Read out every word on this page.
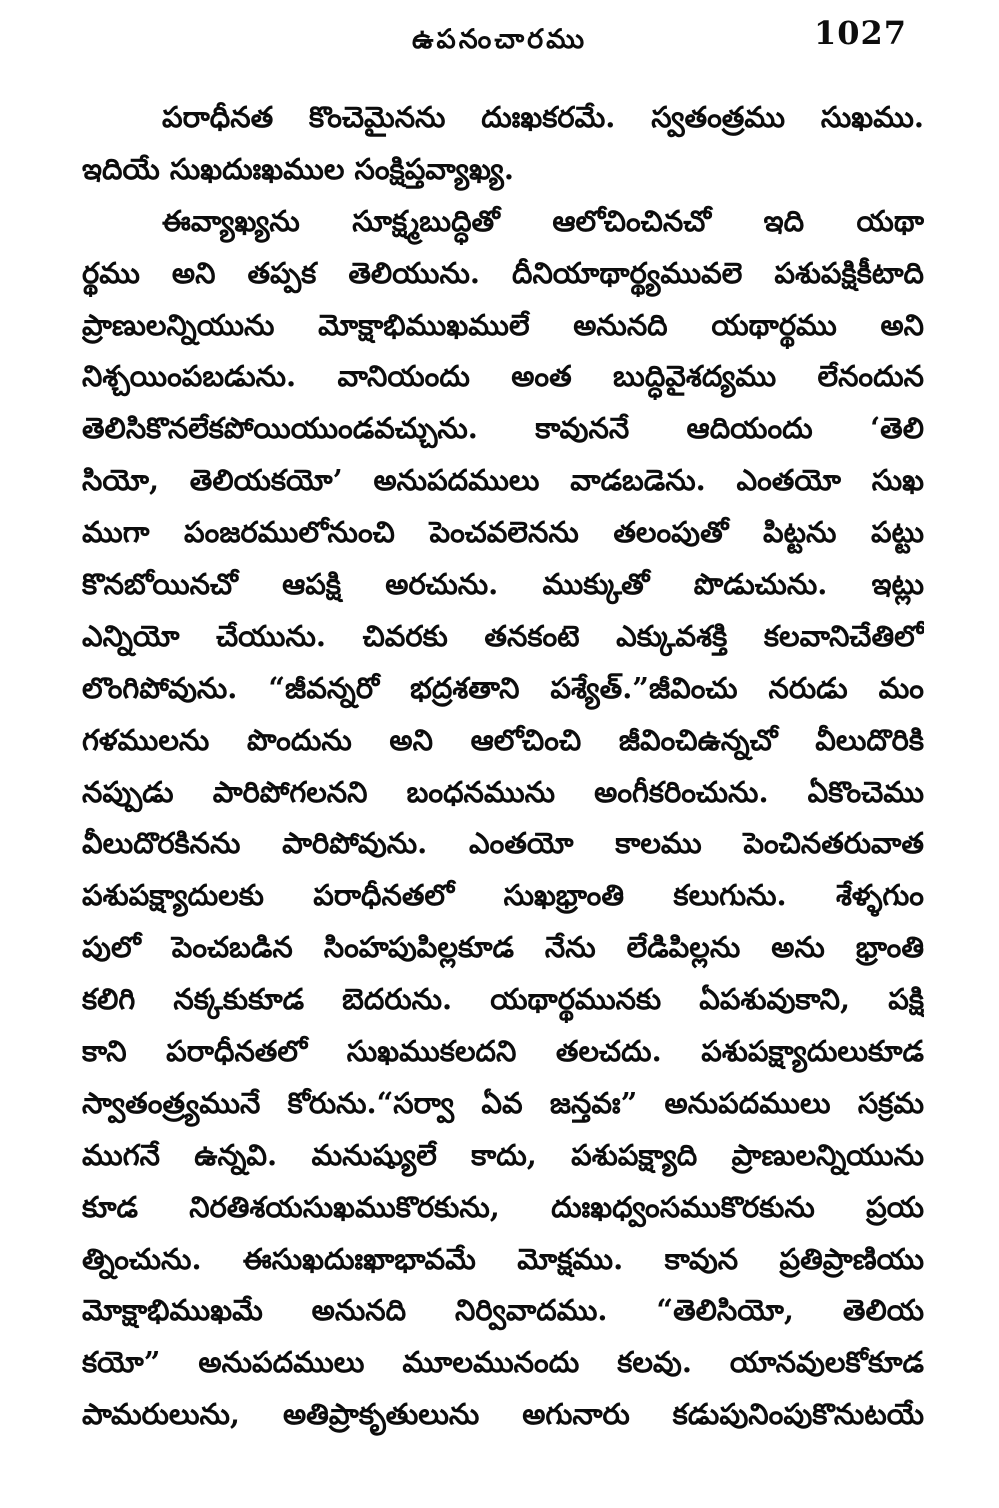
ఉపనంచారము	1027
పరాధీనత కొంచెమైనను దుఃఖకరమే. స్వతంత్రము సుఖము.
ఇదియే సుఖదుఃఖముల సంక్షిప్తవ్యాఖ్య.
ఈవ్యాఖ్యను సూక్ష్మబుద్ధితో ఆలోచించినచో ఇది యథా
ర్థము అని తప్పక తెలియును. దీనియాథార్థ్యమువలె పశుపక్షికీటాది
ప్రాణులన్నియును మోక్షాభిముఖములే అనునది యథార్థము అని
నిశ్చయింపబడును. వానియందు అంత బుద్ధివైశద్యము లేనందున
తెలిసికొనలేకపోయియుండవచ్చును. కావుననే ఆదియందు ‘తెలి
సియో, తెలియకయో’ అనుపదములు వాడబడెను. ఎంతయో సుఖ
ముగా పంజరములోనుంచి పెంచవలెనను తలంపుతో పిట్టను పట్టు
కొనబోయినచో ఆపక్షి అరచును. ముక్కుతో పొడుచును. ఇట్లు
ఎన్నియో చేయును. చివరకు తనకంటె ఎక్కువశక్తి కలవానిచేతిలో
లొంగిపోవును. “జీవన్నరో భద్రశతాని పశ్యేత్.”జీవించు నరుడు మం
గళములను పొందును అని ఆలోచించి జీవించిఉన్నచో వీలుదొరికి
నప్పుడు పారిపోగలనని బంధనమును అంగీకరించును. ఏకొంచెము
వీలుదొరకినను పారిపోవును. ఎంతయో కాలము పెంచినతరువాత
పశుపక్ష్యాదులకు పరాధీనతలో సుఖభ్రాంతి కలుగును. శేళ్ళగుం
పులో పెంచబడిన సింహపుపిల్లకూడ నేను లేడిపిల్లను అను భ్రాంతి
కలిగి నక్కకుకూడ బెదరును. యథార్థమునకు ఏపశువుకాని, పక్షి
కాని పరాధీనతలో సుఖముకలదని తలచదు. పశుపక్ష్యాదులుకూడ
స్వాతంత్ర్యమునే కోరును.“సర్వా ఏవ జన్తవః” అనుపదములు సక్రమ
ముగనే ఉన్నవి. మనుష్యులే కాదు, పశుపక్ష్యాది ప్రాణులన్నియును
కూడ నిరతిశయసుఖముకొరకును, దుఃఖధ్వంసముకొరకును ప్రయ
త్నించును. ఈసుఖదుఃఖాభావమే మోక్షము. కావున ప్రతిప్రాణియు
మోక్షాభిముఖమే అనునది నిర్వివాదము. “తెలిసియో, తెలియ
కయో” అనుపదములు మూలమునందు కలవు. యానవులకోకూడ
పామరులును, అతిప్రాకృతులును అగునారు కడుపునింపుకొనుటయే
